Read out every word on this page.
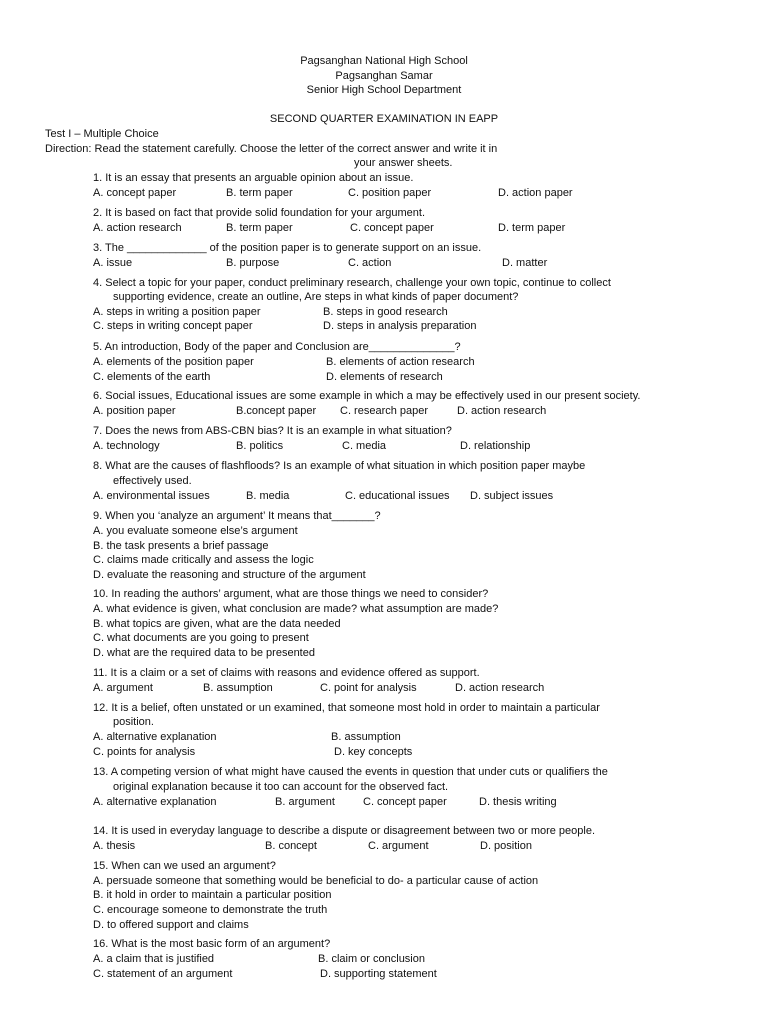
Pagsanghan National High School
Pagsanghan Samar
Senior High School Department
SECOND QUARTER EXAMINATION IN EAPP
Test I – Multiple Choice
Direction: Read the statement carefully. Choose the letter of the correct answer and write it in
your answer sheets.
1. It is an essay that presents an arguable opinion about an issue.
A. concept paper	B. term paper	C. position paper	D. action paper
2. It is based on fact that provide solid foundation for your argument.
A. action research	B. term paper	C. concept paper	D. term paper
3. The _____________ of the position paper is to generate support on an issue.
A. issue	B. purpose	C. action	D. matter
4. Select a topic for your paper, conduct preliminary research, challenge your own topic, continue to collect
supporting evidence, create an outline, Are steps in what kinds of paper document?
A. steps in writing a position paper	B. steps in good research
C. steps in writing concept paper	D. steps in analysis preparation
5. An introduction, Body of the paper and Conclusion are______________?
A. elements of the position paper	B. elements of action research
C. elements of the earth	D. elements of research
6. Social issues, Educational issues are some example in which a may be effectively used in our present society.
A. position paper	B.concept paper C. research paper	D. action research
7. Does the news from ABS-CBN bias? It is an example in what situation?
A. technology	B. politics	C. media	D. relationship
8. What are the causes of flashfloods? Is an example of what situation in which position paper maybe
effectively used.
A. environmental issues	B. media	C. educational issues D. subject issues
9. When you ‘analyze an argument’ It means that_______?
A. you evaluate someone else’s argument
B. the task presents a brief passage
C. claims made critically and assess the logic
D. evaluate the reasoning and structure of the argument
10. In reading the authors’ argument, what are those things we need to consider?
A. what evidence is given, what conclusion are made? what assumption are made?
B. what topics are given, what are the data needed
C. what documents are you going to present
D. what are the required data to be presented
11. It is a claim or a set of claims with reasons and evidence offered as support.
A. argument	B. assumption	C. point for analysis	D. action research
12. It is a belief, often unstated or un examined, that someone most hold in order to maintain a particular
position.
A. alternative explanation	B. assumption
C. points for analysis	D. key concepts
13. A competing version of what might have caused the events in question that under cuts or qualifiers the
original explanation because it too can account for the observed fact.
A. alternative explanation	B. argument	C. concept paper	D. thesis writing
14. It is used in everyday language to describe a dispute or disagreement between two or more people.
A. thesis	B. concept	C. argument	D. position
15. When can we used an argument?
A. persuade someone that something would be beneficial to do- a particular cause of action
B. it hold in order to maintain a particular position
C. encourage someone to demonstrate the truth
D. to offered support and claims
16. What is the most basic form of an argument?
A. a claim that is justified	B. claim or conclusion
C. statement of an argument	D. supporting statement
